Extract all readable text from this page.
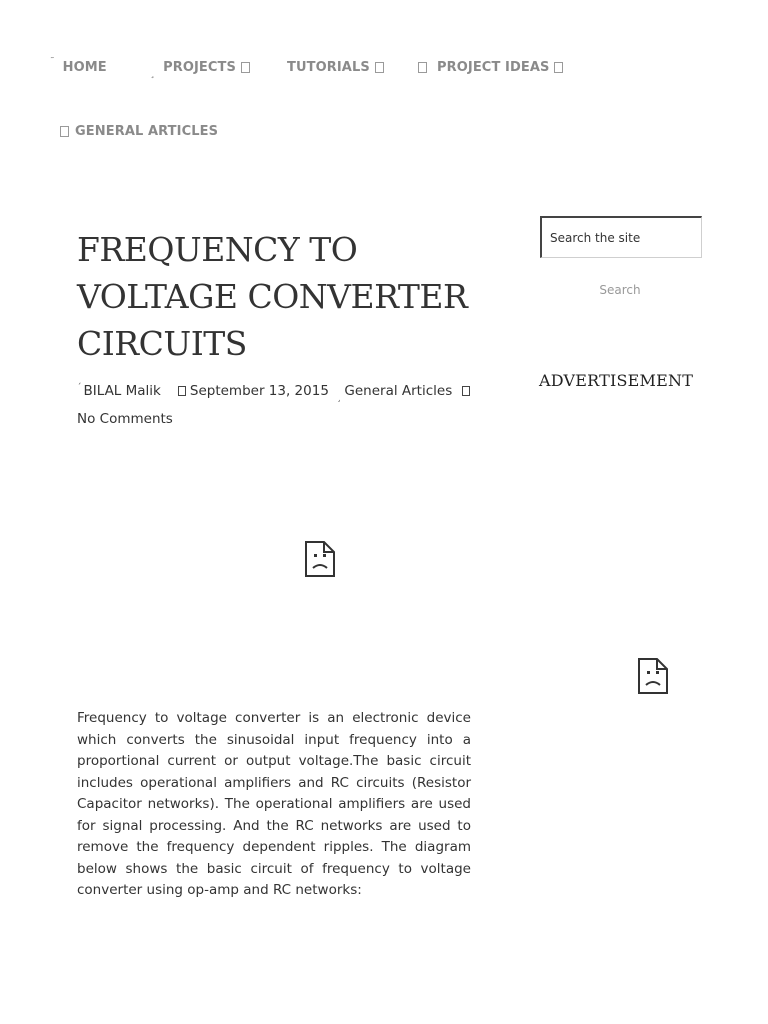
˜ HOME	¸ PROJECTS	TUTORIALS	PROJECT IDEAS
GENERAL ARTICLES
FREQUENCY TO VOLTAGE CONVERTER CIRCUITS
´ BILAL Malik September 13, 2015 $_¸$ General Articles
No Comments

Frequency to voltage converter is an electronic device which converts the sinusoidal input frequency into a proportional current or output voltage.The basic circuit includes operational amplifiers and RC circuits (Resistor Capacitor networks). The operational amplifiers are used for signal processing. And the RC networks are used to remove the frequency dependent ripples. The diagram below shows the basic circuit of frequency to voltage converter using op-amp and RC networks:

Search the site
Search
ADVERTISEMENT
